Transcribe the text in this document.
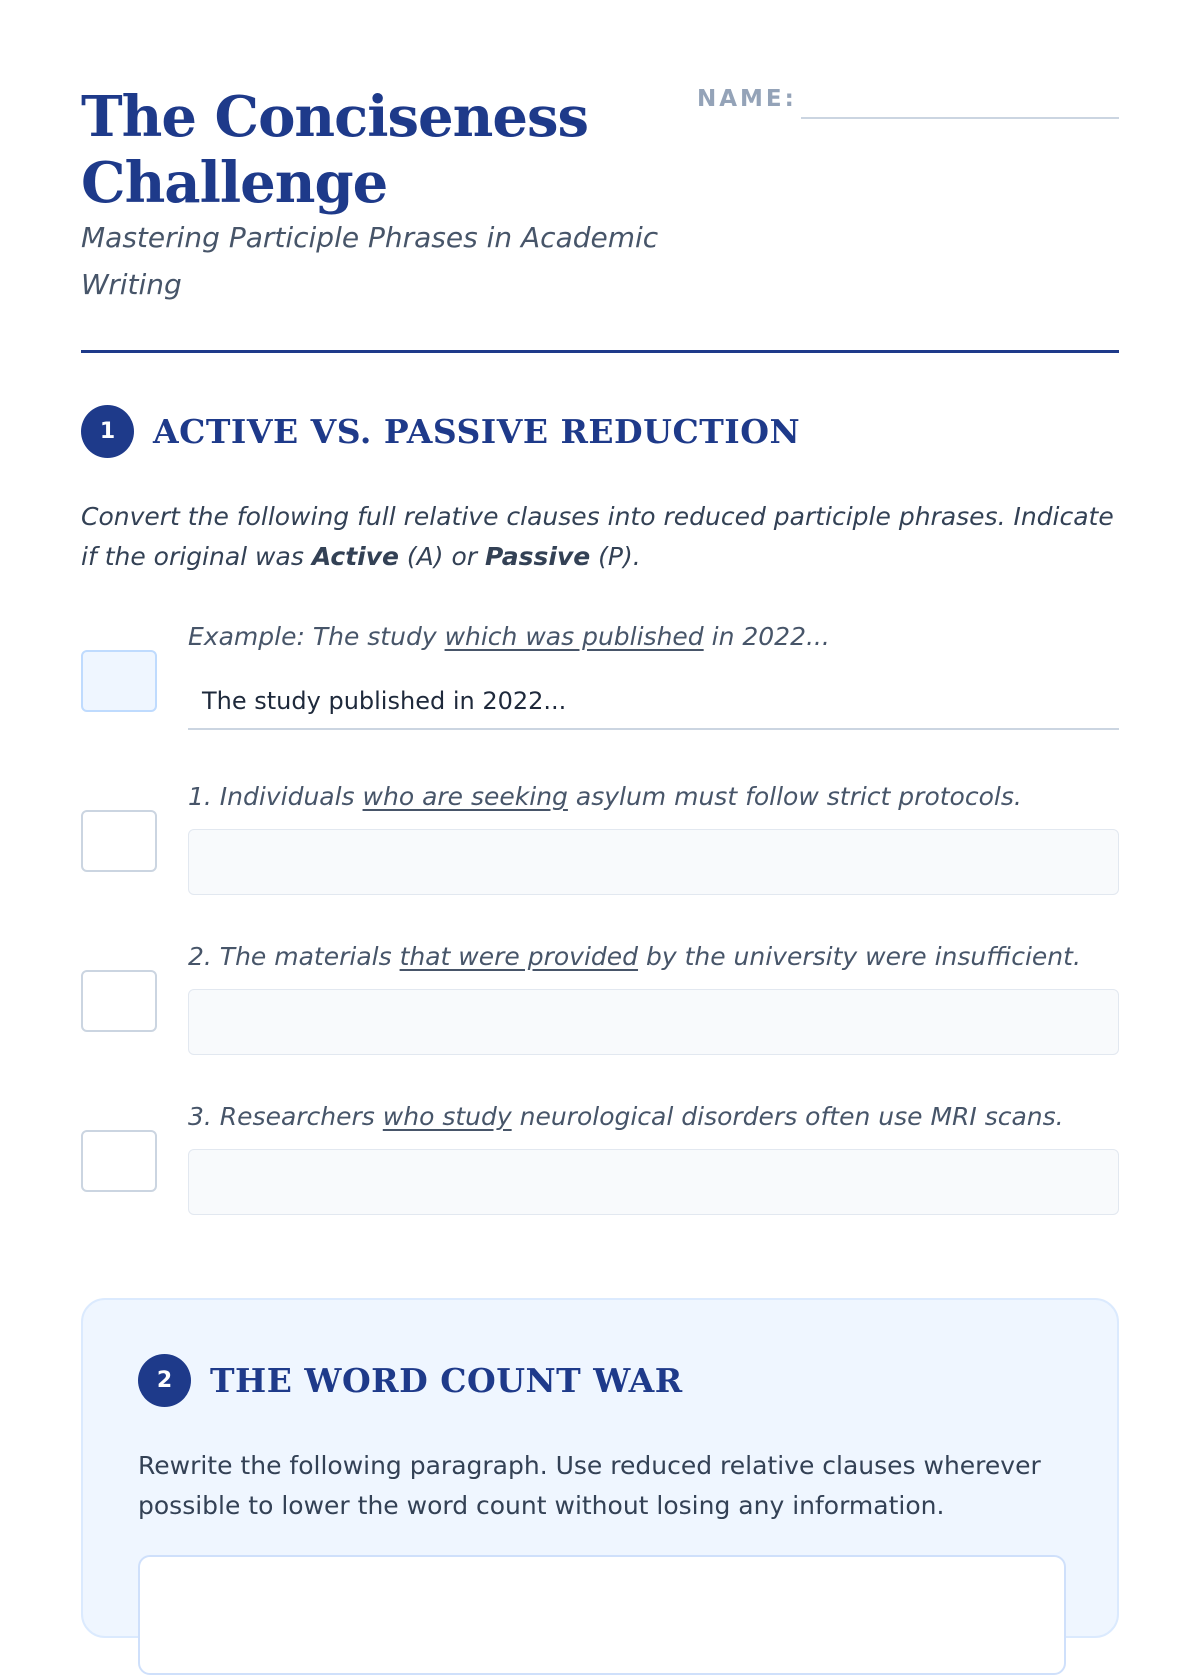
The Conciseness
Challenge

Mastering Participle Phrases in Academic Writing

NAME:
1	ACTIVE VS. PASSIVE REDUCTION

Convert the following full relative clauses into reduced participle phrases. Indicate if the original was Active (A) or Passive (P).

Example: The study which was published in 2022...
The study published in 2022...
1. Individuals who are seeking asylum must follow strict protocols.
2. The materials that were provided by the university were insufficient.
3. Researchers who study neurological disorders often use MRI scans.
2	THE WORD COUNT WAR

Rewrite the following paragraph. Use reduced relative clauses wherever possible to lower the word count without losing any information.
